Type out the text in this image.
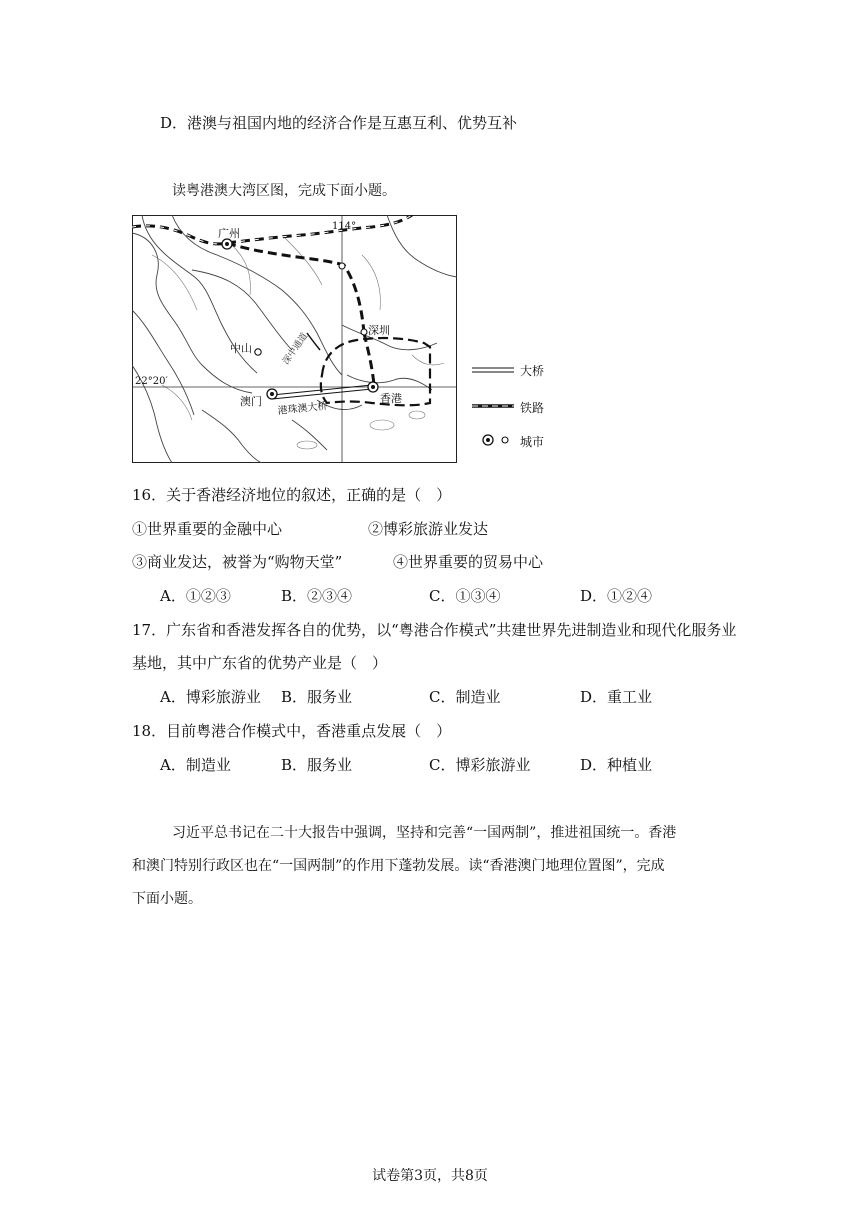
D．港澳与祖国内地的经济合作是互惠互利、优势互补
读粤港澳大湾区图，完成下面小题。
广州
114°
深圳
中山
22°20′
澳门	香港
深中通道
港珠澳大桥
大桥
铁路
城市
16．关于香港经济地位的叙述，正确的是（　）
①世界重要的金融中心	②博彩旅游业发达
③商业发达，被誉为“购物天堂”	④世界重要的贸易中心
A．①②③	B．②③④	C．①③④	D．①②④
17．广东省和香港发挥各自的优势，以“粤港合作模式”共建世界先进制造业和现代化服务业
基地，其中广东省的优势产业是（　）
A．博彩旅游业 B．服务业	C．制造业	D．重工业
18．目前粤港合作模式中，香港重点发展（　）
A．制造业	B．服务业	C．博彩旅游业	D．种植业
习近平总书记在二十大报告中强调，坚持和完善“一国两制”，推进祖国统一。香港
和澳门特别行政区也在“一国两制”的作用下蓬勃发展。读“香港澳门地理位置图”，完成
下面小题。
试卷第3页，共8页
